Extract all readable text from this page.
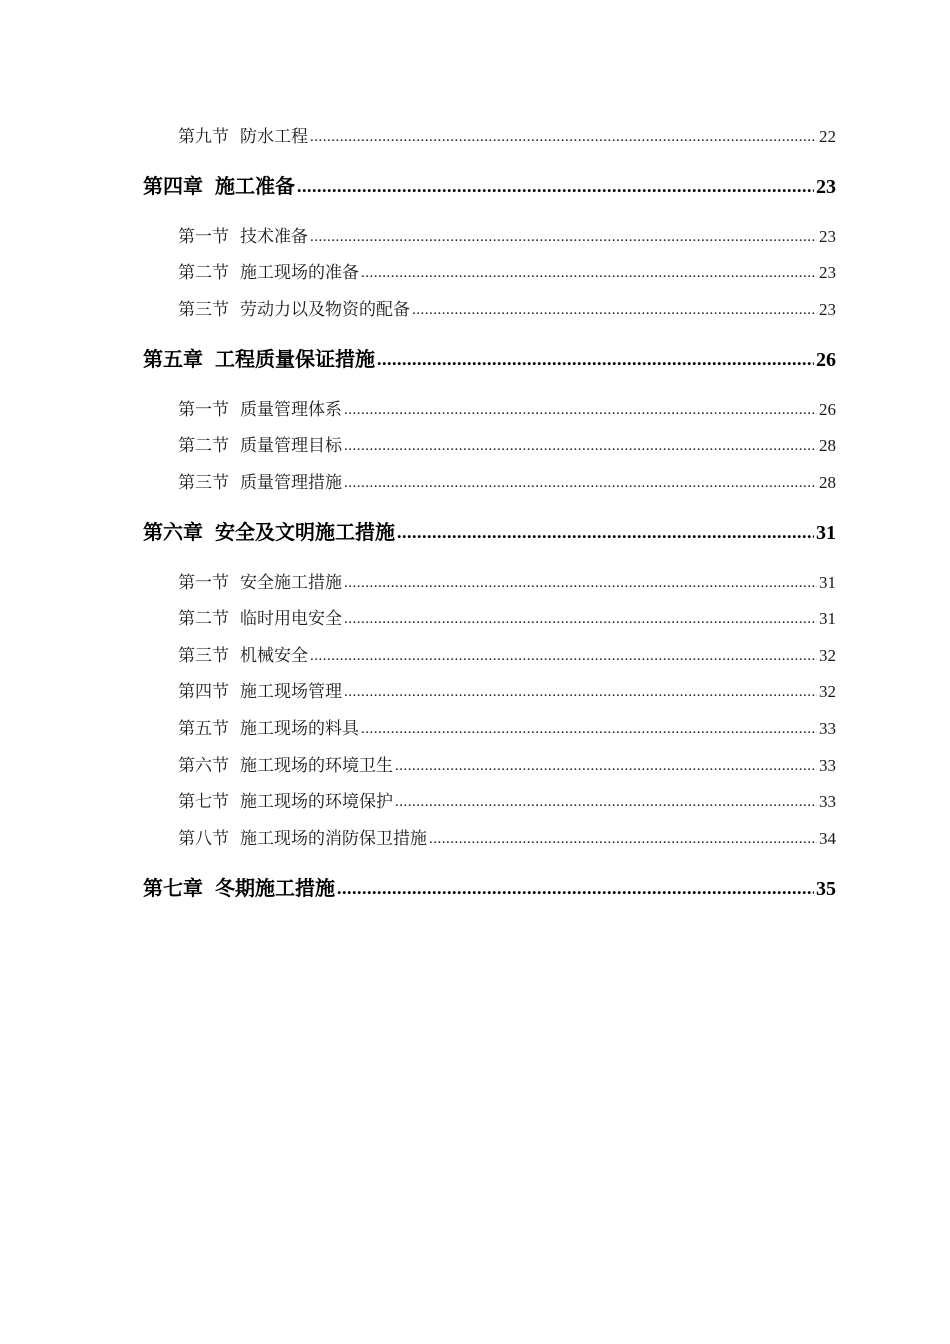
第九节 防水工程 .....	22
第四章 施工准备 .....	23
第一节 技术准备 .....	23
第二节 施工现场的准备 .....	23
第三节 劳动力以及物资的配备 .....	23
第五章 工程质量保证措施 .....	26
第一节 质量管理体系 .....	26
第二节 质量管理目标 .....	28
第三节 质量管理措施 .....	28
第六章 安全及文明施工措施 .....	31
第一节 安全施工措施 .....	31
第二节 临时用电安全 .....	31
第三节 机械安全 .....	32
第四节 施工现场管理 .....	32
第五节 施工现场的料具 .....	33
第六节 施工现场的环境卫生 .....	33
第七节 施工现场的环境保护 .....	33
第八节 施工现场的消防保卫措施 .....	34
第七章 冬期施工措施 .....	35
